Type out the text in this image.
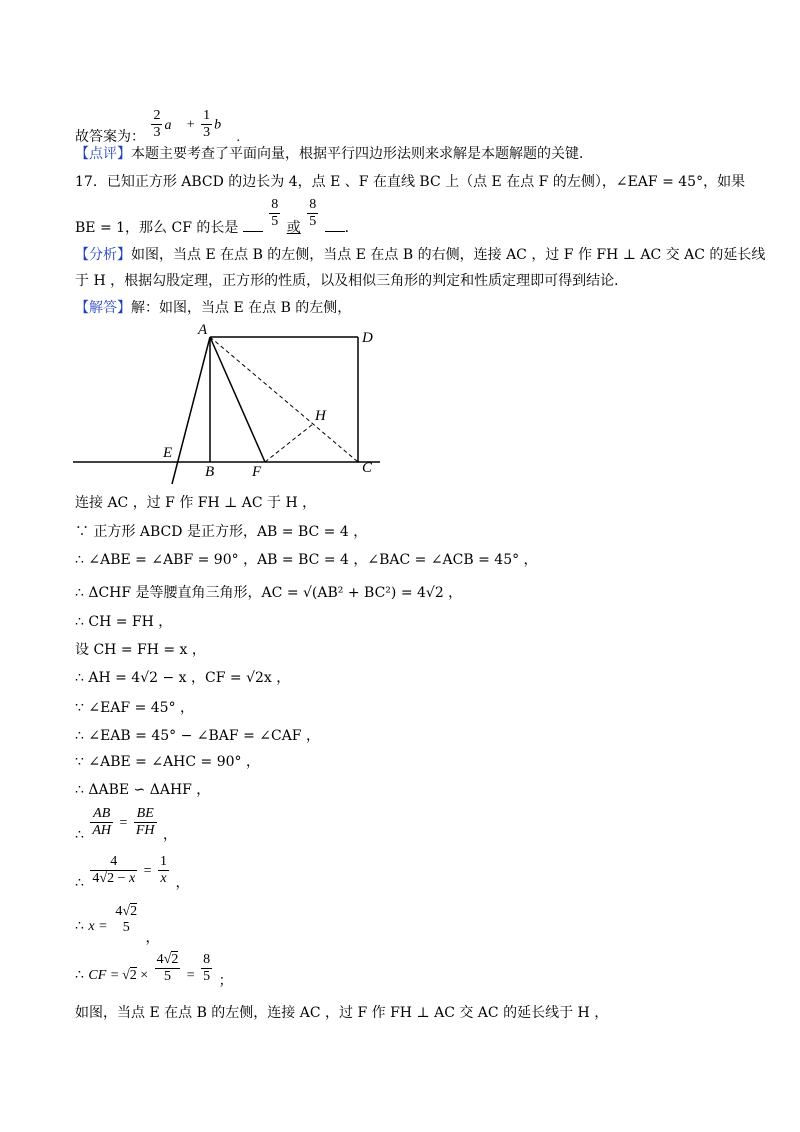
故答案为： $\frac{2}{3}$ a⃗ + $\frac{1}{3}$ b⃗ .
【点评】本题主要考查了平面向量，根据平行四边形法则来求解是本题解题的关键．
17．已知正方形 ABCD 的边长为 4，点 E 、F 在直线 BC 上（点 E 在点 F 的左侧），∠EAF = 45°，如果
BE = 1，那么 CF 的长是 $\frac{8}{5}$ 或 $\frac{8}{5}$ ．
【分析】如图，当点 E 在点 B 的左侧，当点 E 在点 B 的右侧，连接 AC ，过 F 作 FH ⊥ AC 交 AC 的延长线
于 H ，根据勾股定理，正方形的性质，以及相似三角形的判定和性质定理即可得到结论．
【解答】解：如图，当点 E 在点 B 的左侧，
A	D
H
E
B	F	C
连接 AC ，过 F 作 FH ⊥ AC 于 H ，
∵ 正方形 ABCD 是正方形，AB = BC = 4 ，
∴ ∠ABE = ∠ABF = 90° ，AB = BC = 4 ，∠BAC = ∠ACB = 45° ，
∴ ΔCHF 是等腰直角三角形，AC = √(AB² + BC²) = 4√2 ，
∴ CH = FH ，
设 CH = FH = x ，
∴ AH = 4√2 − x ，CF = √2x ，
∵ ∠EAF = 45° ，
∴ ∠EAB = 45° − ∠BAF = ∠CAF ，
∵ ∠ABE = ∠AHC = 90° ，
∴ ΔABE ∽ ΔAHF ，
∴ $\frac{AB}{AH} = \frac{BE}{FH}$ ，
∴ $\frac{4}{4√2 - x} = \frac{1}{x}$ ，
∴ x =
4√2
5
，
∴ CF = $√2 \times \frac{4√2}{5} = \frac{8}{5}$ ；
如图，当点 E 在点 B 的左侧，连接 AC ，过 F 作 FH ⊥ AC 交 AC 的延长线于 H ，
